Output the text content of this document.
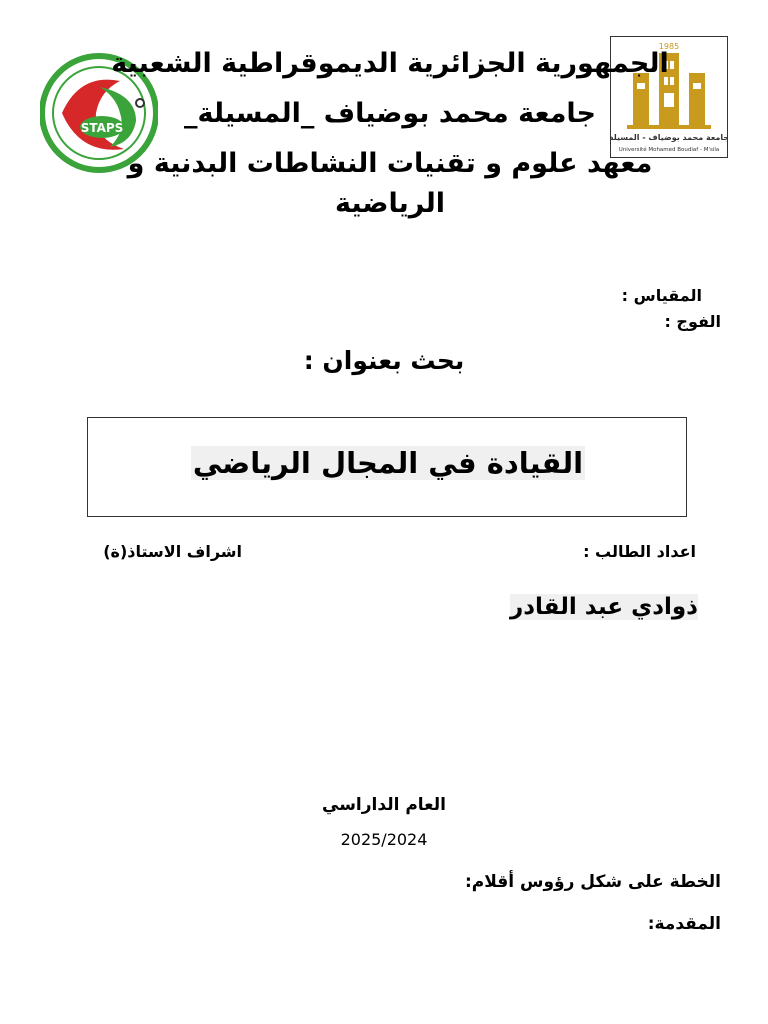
STAPS
1985
جامعة محمد بوضياف - المسيلة
Université Mohamed Boudiaf - M'sila
الجمهورية الجزائرية الديموقراطية الشعبية
جامعة محمد بوضياف _المسيلة_
معهد علوم و تقنيات النشاطات البدنية و
الرياضية
المقياس :
الفوج :
بحث بعنوان :
القيادة في المجال الرياضي
اعداد الطالب :
اشراف الاستاذ(ة)
ذوادي عبد القادر
العام الداراسي
2025/2024
الخطة على شكل رؤوس أقلام:
المقدمة:
